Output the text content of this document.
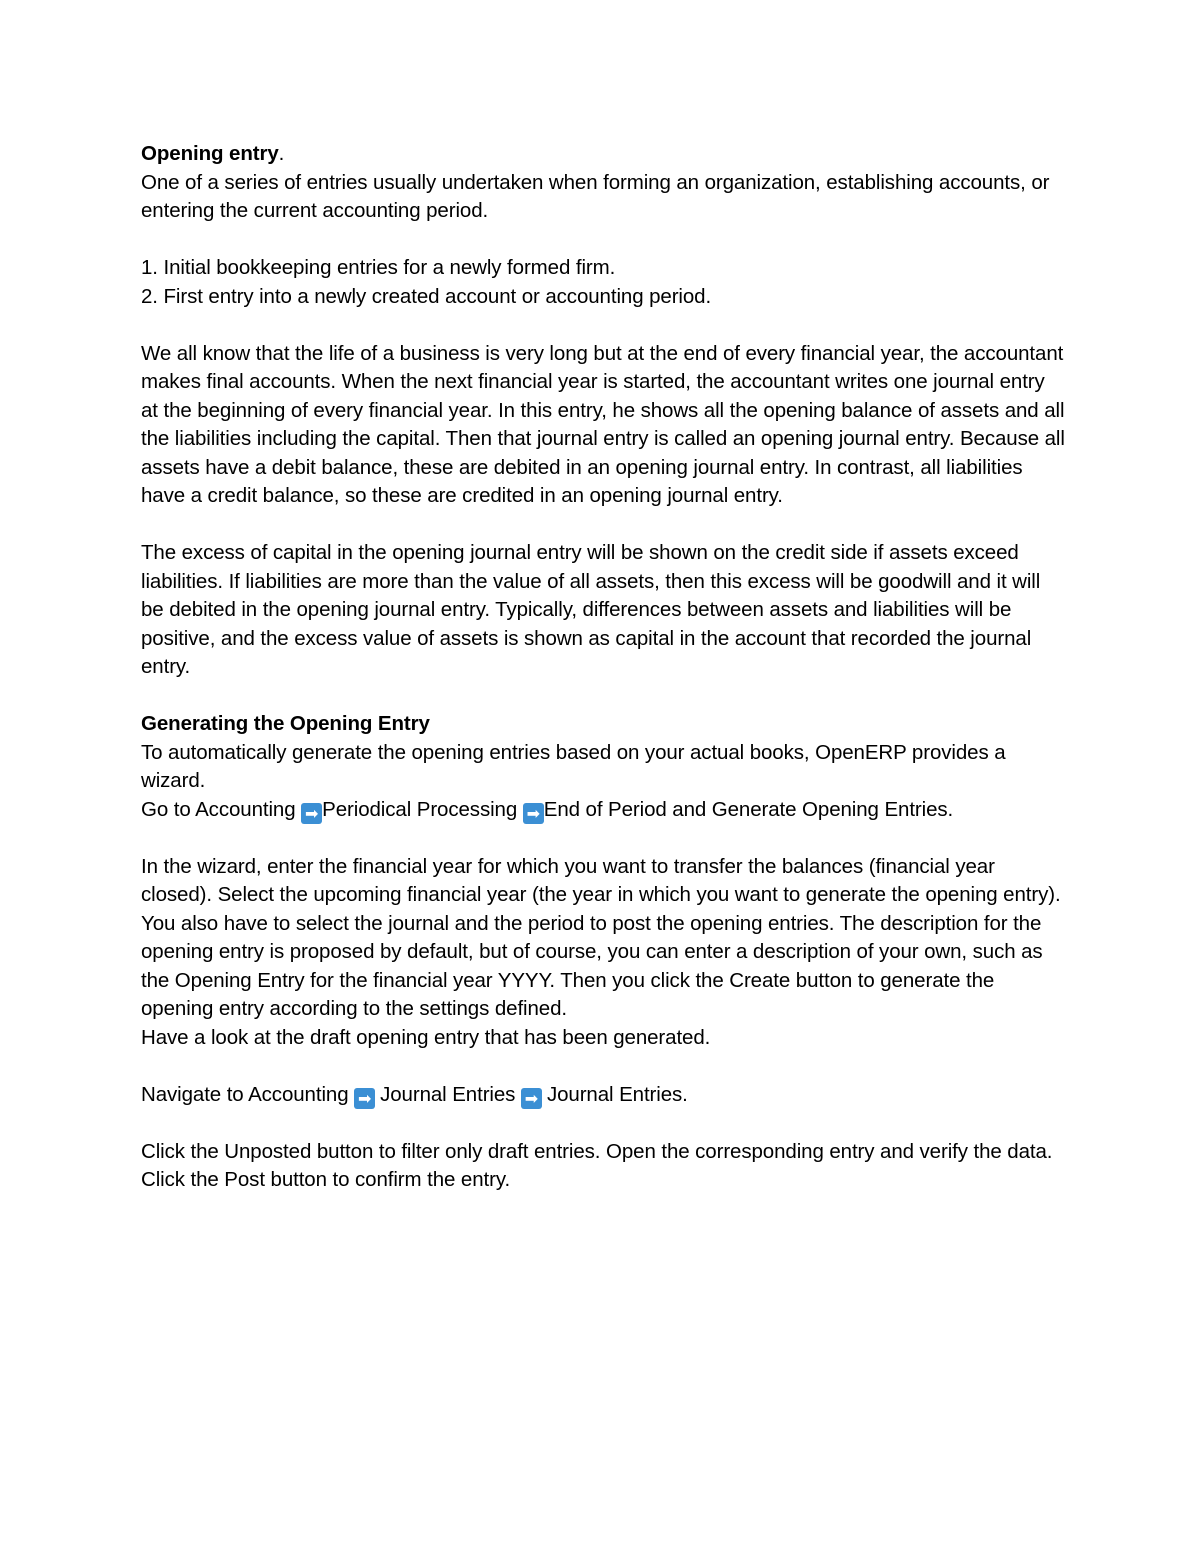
Opening entry.

One of a series of entries usually undertaken when forming an organization, establishing accounts, or entering the current accounting period.

1. Initial bookkeeping entries for a newly formed firm.

2. First entry into a newly created account or accounting period.

We all know that the life of a business is very long but at the end of every financial year, the accountant makes final accounts. When the next financial year is started, the accountant writes one journal entry at the beginning of every financial year. In this entry, he shows all the opening balance of assets and all the liabilities including the capital. Then that journal entry is called an opening journal entry. Because all assets have a debit balance, these are debited in an opening journal entry. In contrast, all liabilities have a credit balance, so these are credited in an opening journal entry.

The excess of capital in the opening journal entry will be shown on the credit side if assets exceed liabilities. If liabilities are more than the value of all assets, then this excess will be goodwill and it will be debited in the opening journal entry. Typically, differences between assets and liabilities will be positive, and the excess value of assets is shown as capital in the account that recorded the journal entry.

Generating the Opening Entry

To automatically generate the opening entries based on your actual books, OpenERP provides a wizard.

Go to Accounting ➡ Periodical Processing ➡ End of Period and Generate Opening Entries.

In the wizard, enter the financial year for which you want to transfer the balances (financial year closed). Select the upcoming financial year (the year in which you want to generate the opening entry). You also have to select the journal and the period to post the opening entries. The description for the opening entry is proposed by default, but of course, you can enter a description of your own, such as the Opening Entry for the financial year YYYY. Then you click the Create button to generate the opening entry according to the settings defined.

Have a look at the draft opening entry that has been generated.

Navigate to Accounting ➡ Journal Entries ➡ Journal Entries.

Click the Unposted button to filter only draft entries. Open the corresponding entry and verify the data. Click the Post button to confirm the entry.
